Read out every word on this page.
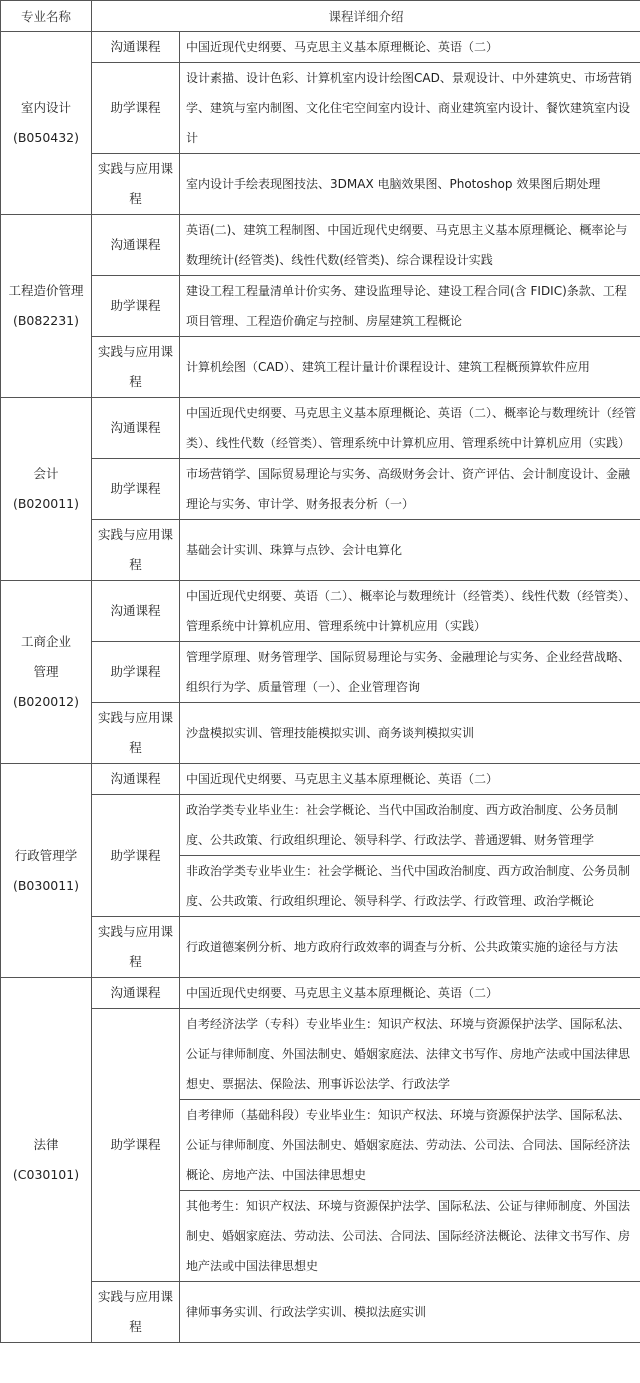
专业名称	课程详细介绍	

室内设计
(B050432)	沟通课程	中国近现代史纲要、马克思主义基本原理概论、英语（二）
	助学课程	设计素描、设计色彩、计算机室内设计绘图CAD、景观设计、中外建筑史、市场营销学、建筑与室内制图、文化住宅空间室内设计、商业建筑室内设计、餐饮建筑室内设计
	实践与应用课程	室内设计手绘表现图技法、3DMAX 电脑效果图、Photoshop 效果图后期处理

工程造价管理
(B082231)	沟通课程	英语(二)、建筑工程制图、中国近现代史纲要、马克思主义基本原理概论、概率论与数理统计(经管类)、线性代数(经管类)、综合课程设计实践
	助学课程	建设工程工程量清单计价实务、建设监理导论、建设工程合同(含 FIDIC)条款、工程项目管理、工程造价确定与控制、房屋建筑工程概论
	实践与应用课程	计算机绘图（CAD）、建筑工程计量计价课程设计、建筑工程概预算软件应用

会计(B020011)	沟通课程	中国近现代史纲要、马克思主义基本原理概论、英语（二）、概率论与数理统计（经管类）、线性代数（经管类）、管理系统中计算机应用、管理系统中计算机应用（实践）
	助学课程	市场营销学、国际贸易理论与实务、高级财务会计、资产评估、会计制度设计、金融理论与实务、审计学、财务报表分析（一）
	实践与应用课程	基础会计实训、珠算与点钞、会计电算化

工商企业
管理(B020012)	沟通课程	中国近现代史纲要、英语（二）、概率论与数理统计（经管类）、线性代数（经管类）、管理系统中计算机应用、管理系统中计算机应用（实践）
	助学课程	管理学原理、财务管理学、国际贸易理论与实务、金融理论与实务、企业经营战略、组织行为学、质量管理（一）、企业管理咨询
	实践与应用课程	沙盘模拟实训、管理技能模拟实训、商务谈判模拟实训

行政管理学
(B030011)	沟通课程	中国近现代史纲要、马克思主义基本原理概论、英语（二）
	助学课程	政治学类专业毕业生：社会学概论、当代中国政治制度、西方政治制度、公务员制度、公共政策、行政组织理论、领导科学、行政法学、普通逻辑、财务管理学
非政治学类专业毕业生：社会学概论、当代中国政治制度、西方政治制度、公务员制度、公共政策、行政组织理论、领导科学、行政法学、行政管理、政治学概论

	实践与应用课程	行政道德案例分析、地方政府行政效率的调查与分析、公共政策实施的途径与方法

法律(C030101)	沟通课程	中国近现代史纲要、马克思主义基本原理概论、英语（二）
	助学课程	自考经济法学（专科）专业毕业生：知识产权法、环境与资源保护法学、国际私法、公证与律师制度、外国法制史、婚姻家庭法、法律文书写作、房地产法或中国法律思想史、票据法、保险法、刑事诉讼法学、行政法学
自考律师（基础科段）专业毕业生：知识产权法、环境与资源保护法学、国际私法、公证与律师制度、外国法制史、婚姻家庭法、劳动法、公司法、合同法、国际经济法概论、房地产法、中国法律思想史
其他考生：知识产权法、环境与资源保护法学、国际私法、公证与律师制度、外国法制史、婚姻家庭法、劳动法、公司法、合同法、国际经济法概论、法律文书写作、房地产法或中国法律思想史

	实践与应用课程	律师事务实训、行政法学实训、模拟法庭实训
